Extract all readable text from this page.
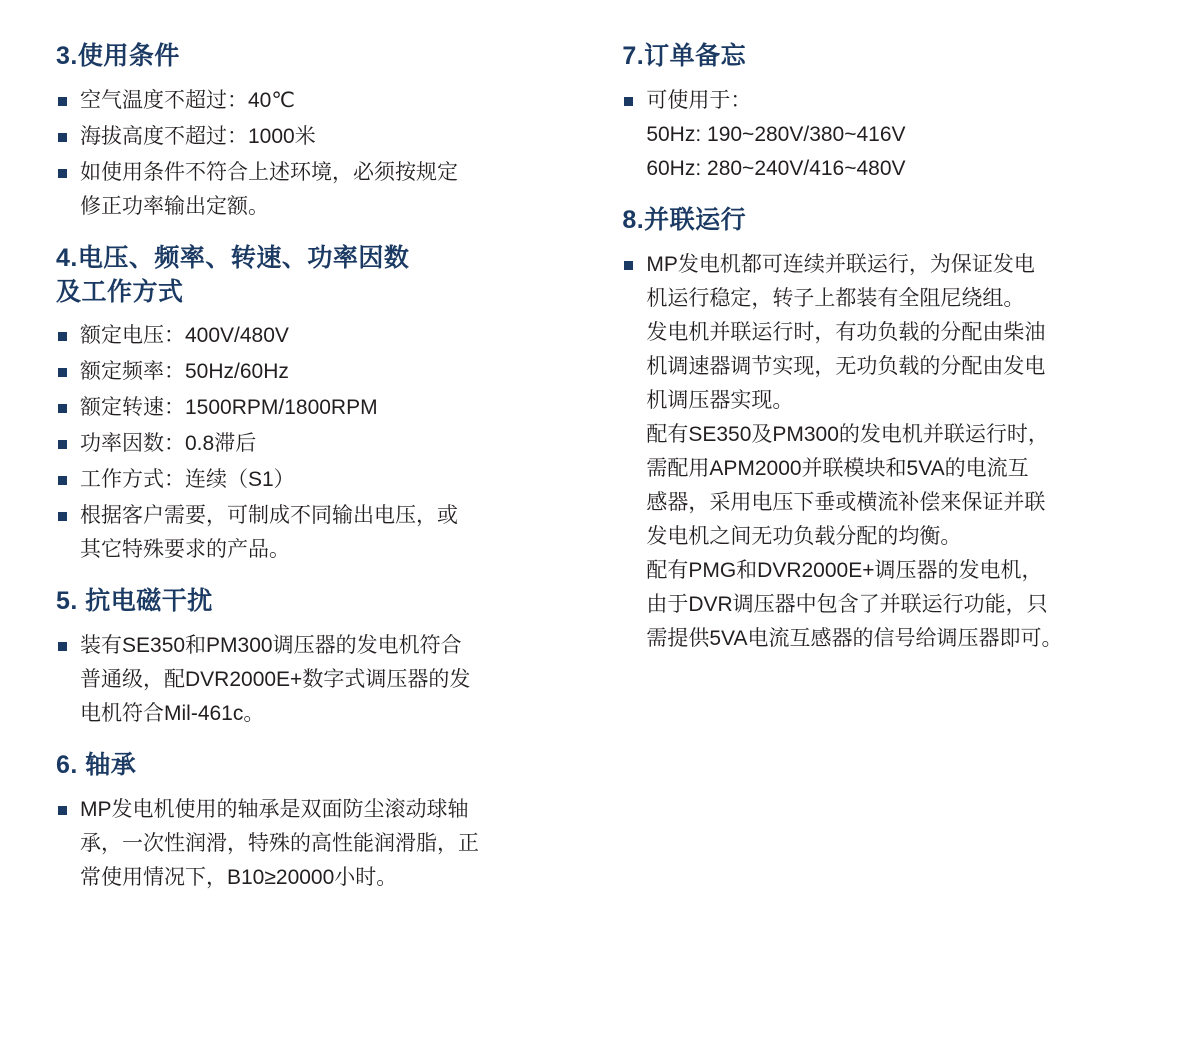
3.使用条件
空气温度不超过：40℃
海拔高度不超过：1000米
如使用条件不符合上述环境，必须按规定
修正功率输出定额。
4.电压、频率、转速、功率因数
及工作方式
额定电压：400V/480V
额定频率：50Hz/60Hz
额定转速：1500RPM/1800RPM
功率因数：0.8滞后
工作方式：连续（S1）
根据客户需要，可制成不同输出电压，或
其它特殊要求的产品。
5. 抗电磁干扰
装有SE350和PM300调压器的发电机符合
普通级，配DVR2000E+数字式调压器的发
电机符合Mil-461c。
6. 轴承
MP发电机使用的轴承是双面防尘滚动球轴
承，一次性润滑，特殊的高性能润滑脂，正
常使用情况下，B10≥20000小时。
7.订单备忘
可使用于：
50Hz: 190~280V/380~416V
60Hz: 280~240V/416~480V
8.并联运行
MP发电机都可连续并联运行，为保证发电
机运行稳定，转子上都装有全阻尼绕组。
发电机并联运行时，有功负载的分配由柴油
机调速器调节实现，无功负载的分配由发电
机调压器实现。
配有SE350及PM300的发电机并联运行时，
需配用APM2000并联模块和5VA的电流互
感器，采用电压下垂或横流补偿来保证并联
发电机之间无功负载分配的均衡。
配有PMG和DVR2000E+调压器的发电机，
由于DVR调压器中包含了并联运行功能，只
需提供5VA电流互感器的信号给调压器即可。
